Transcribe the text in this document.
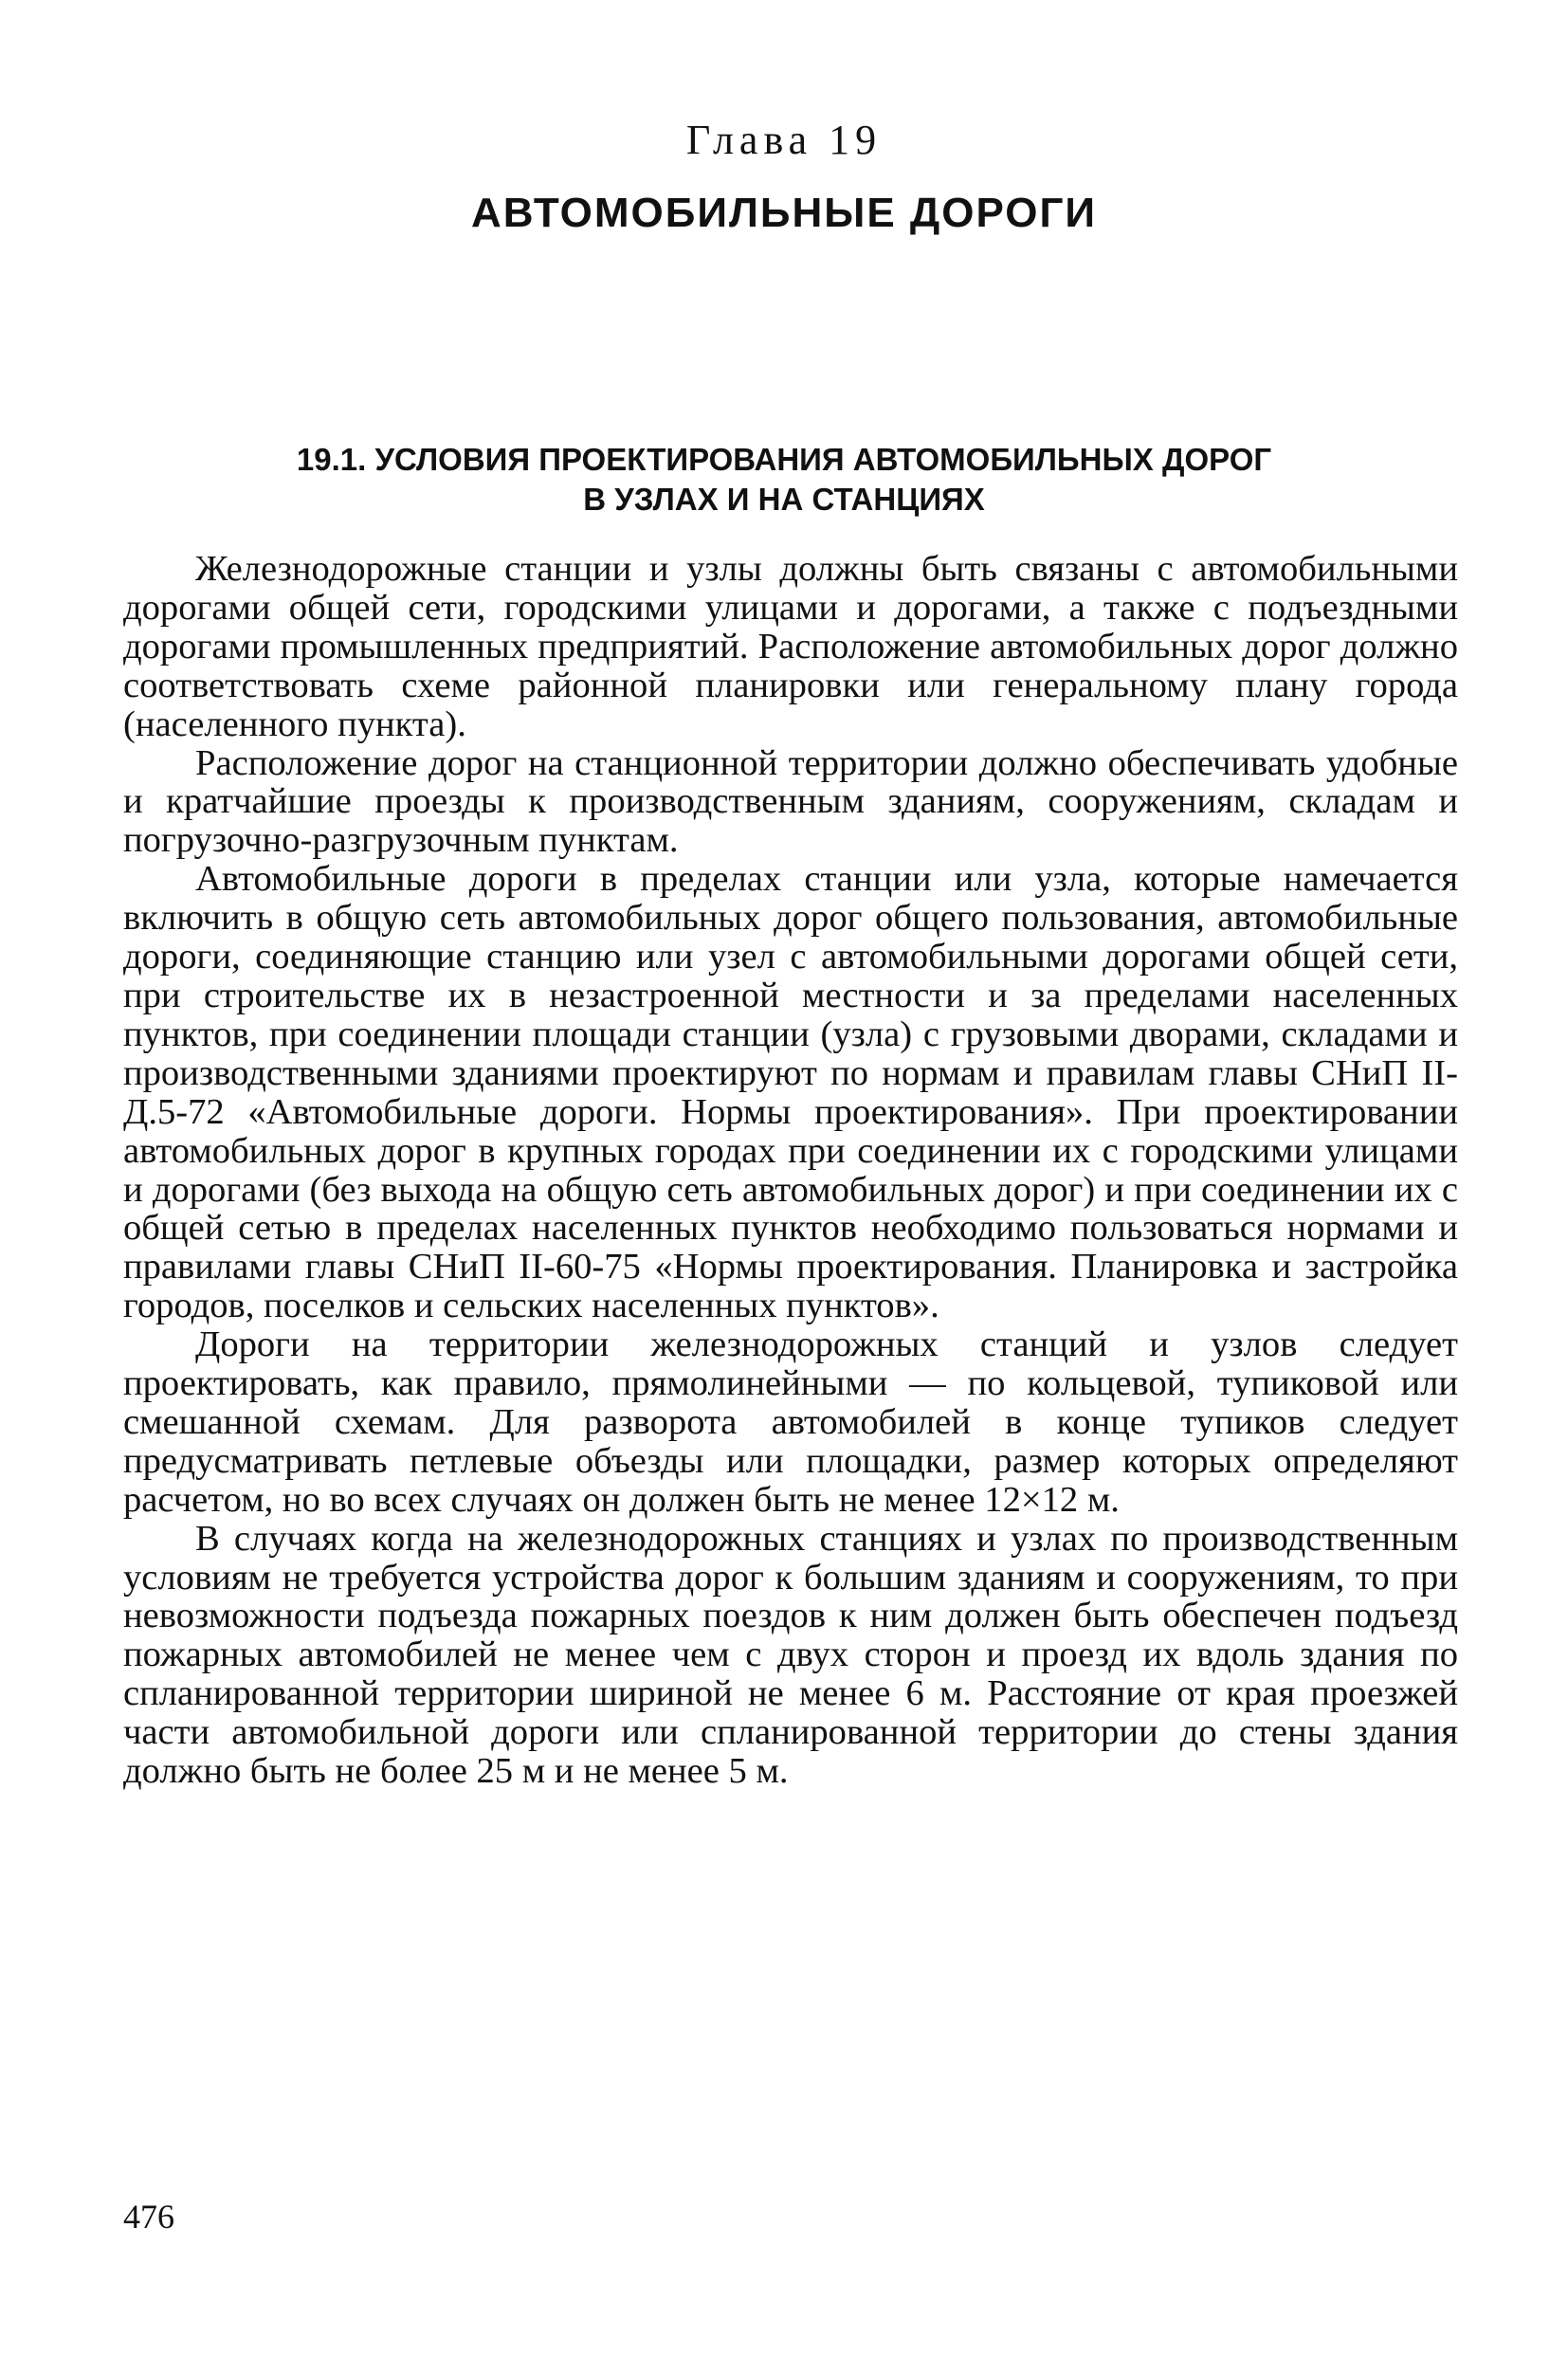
Глава 19
АВТОМОБИЛЬНЫЕ ДОРОГИ
19.1. УСЛОВИЯ ПРОЕКТИРОВАНИЯ АВТОМОБИЛЬНЫХ ДОРОГ
В УЗЛАХ И НА СТАНЦИЯХ

Железнодорожные станции и узлы должны быть связаны с автомобильными дорогами общей сети, городскими улицами и дорогами, а также с подъездными дорогами промышленных предприятий. Расположение автомобильных дорог должно соответствовать схеме районной планировки или генеральному плану города (населенного пункта).

Расположение дорог на станционной территории должно обеспечивать удобные и кратчайшие проезды к производственным зданиям, сооружениям, складам и погрузочно-разгрузочным пунктам.

Автомобильные дороги в пределах станции или узла, которые намечается включить в общую сеть автомобильных дорог общего пользования, автомобильные дороги, соединяющие станцию или узел с автомобильными дорогами общей сети, при строительстве их в незастроенной местности и за пределами населенных пунктов, при соединении площади станции (узла) с грузовыми дворами, складами и производственными зданиями проектируют по нормам и правилам главы СНиП II-Д.5-72 «Автомобильные дороги. Нормы проектирования». При проектировании автомобильных дорог в крупных городах при соединении их с городскими улицами и дорогами (без выхода на общую сеть автомобильных дорог) и при соединении их с общей сетью в пределах населенных пунктов необходимо пользоваться нормами и правилами главы СНиП II-60-75 «Нормы проектирования. Планировка и застройка городов, поселков и сельских населенных пунктов».

Дороги на территории железнодорожных станций и узлов следует проектировать, как правило, прямолинейными — по кольцевой, тупиковой или смешанной схемам. Для разворота автомобилей в конце тупиков следует предусматривать петлевые объезды или площадки, размер которых определяют расчетом, но во всех случаях он должен быть не менее 12×12 м.

В случаях когда на железнодорожных станциях и узлах по производственным условиям не требуется устройства дорог к большим зданиям и сооружениям, то при невозможности подъезда пожарных поездов к ним должен быть обеспечен подъезд пожарных автомобилей не менее чем с двух сторон и проезд их вдоль здания по спланированной территории шириной не менее 6 м. Расстояние от края проезжей части автомобильной дороги или спланированной территории до стены здания должно быть не более 25 м и не менее 5 м.

476
